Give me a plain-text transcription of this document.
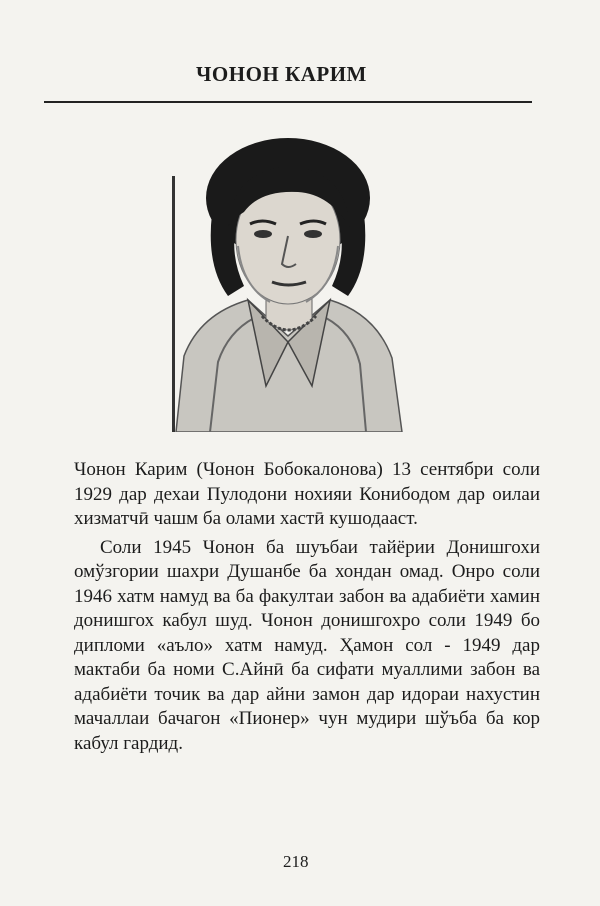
ЧОНОН КАРИМ

Чонон Карим (Чонон Бобокалонова) 13 сентябри соли 1929 дар дехаи Пулодони нохияи Конибодом дар оилаи хизматчӣ чашм ба олами хастӣ кушодааст.

Соли 1945 Чонон ба шуъбаи тайёрии Донишгохи омўзгории шахри Душанбе ба хондан омад. Онро соли 1946 хатм намуд ва ба факултаи забон ва адабиёти хамин донишгох кабул шуд. Чонон донишгохро соли 1949 бо дипломи «аъло» хатм намуд. Ҳамон сол - 1949 дар мактаби ба номи С.Айнӣ ба сифати муаллими забон ва адабиёти точик ва дар айни замон дар идораи нахустин мачаллаи бачагон «Пионер» чун мудири шўъба ба кор кабул гардид.

218
